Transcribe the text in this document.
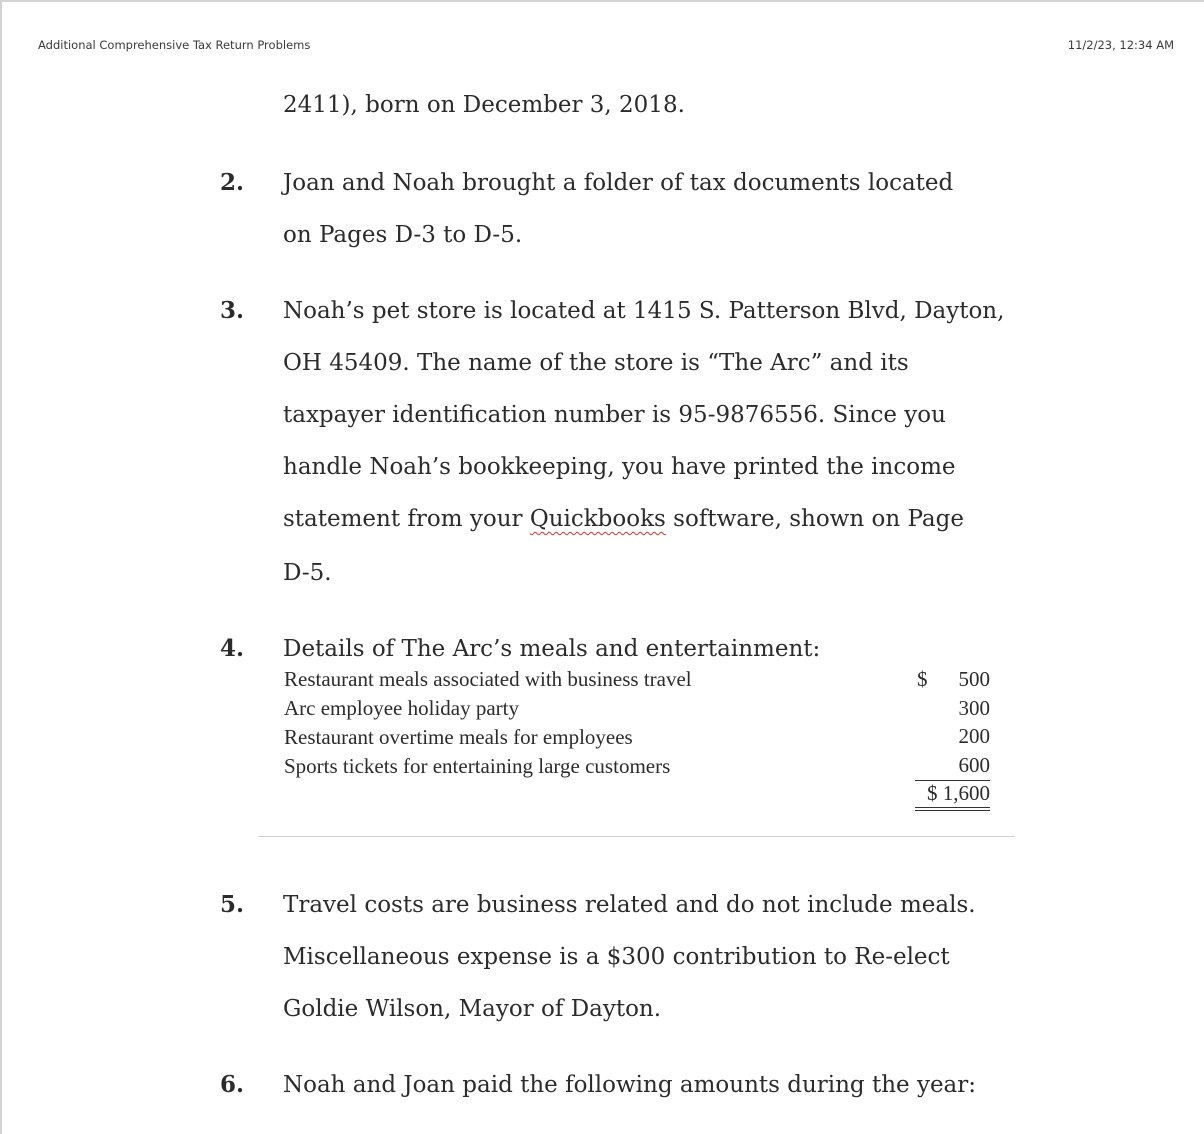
Additional Comprehensive Tax Return Problems	11/2/23, 12:34 AM
2411), born on December 3, 2018.
2. Joan and Noah brought a folder of tax documents located
on Pages D-3 to D-5.
3. Noah’s pet store is located at 1415 S. Patterson Blvd, Dayton,
OH 45409. The name of the store is “The Arc” and its
taxpayer identification number is 95-9876556. Since you
handle Noah’s bookkeeping, you have printed the income
statement from your Quickbooks software, shown on Page
D-5.
4. Details of The Arc’s meals and entertainment:
Restaurant meals associated with business travel
Arc employee holiday party
Restaurant overtime meals for employees
Sports tickets for entertaining large customers
$ 500
300
200
600
$ 1,600
5. Travel costs are business related and do not include meals.
Miscellaneous expense is a $300 contribution to Re-elect
Goldie Wilson, Mayor of Dayton.
6. Noah and Joan paid the following amounts during the year:
